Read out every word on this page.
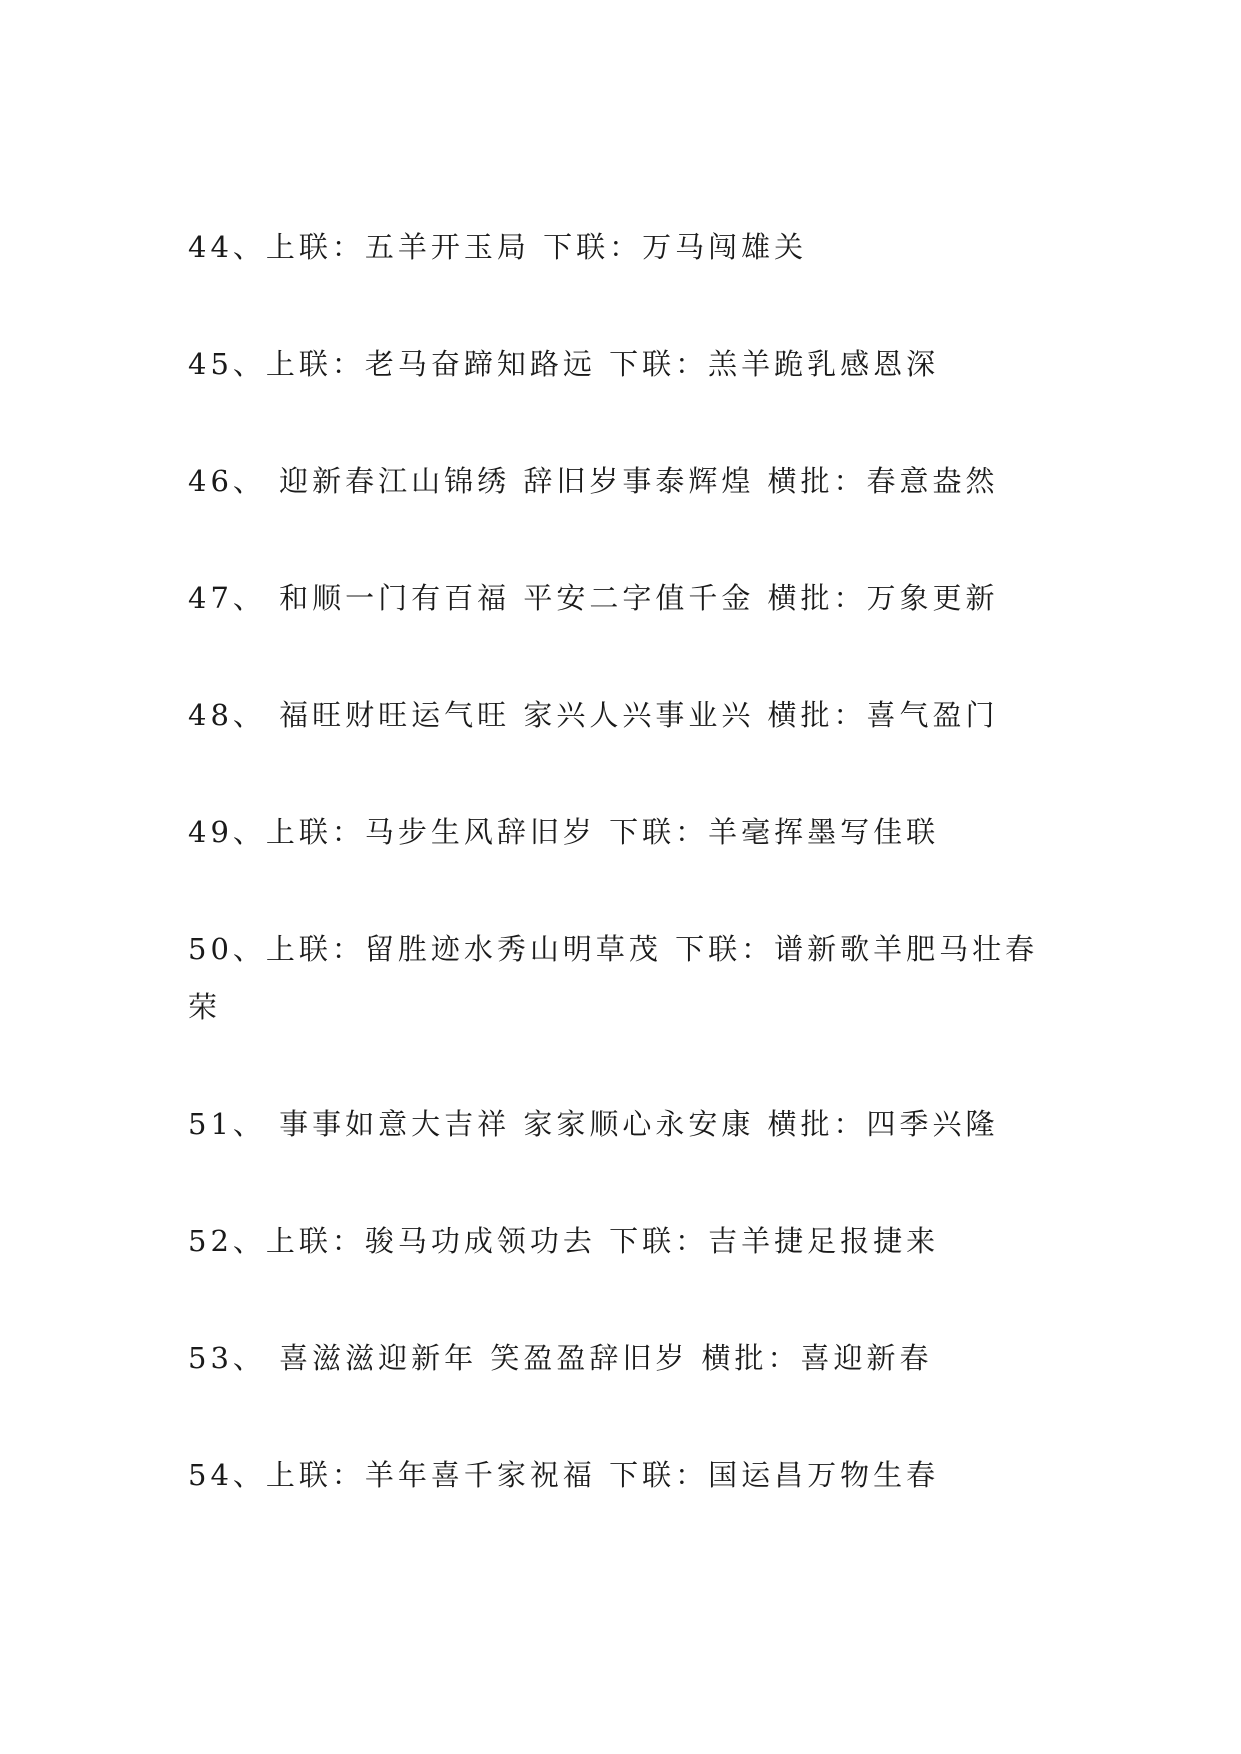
44、上联：五羊开玉局 下联：万马闯雄关
45、上联：老马奋蹄知路远 下联：羔羊跪乳感恩深
46、 迎新春江山锦绣 辞旧岁事泰辉煌 横批：春意盎然
47、 和顺一门有百福 平安二字值千金 横批：万象更新
48、 福旺财旺运气旺 家兴人兴事业兴 横批：喜气盈门
49、上联：马步生风辞旧岁 下联：羊毫挥墨写佳联
50、上联：留胜迹水秀山明草茂 下联：谱新歌羊肥马壮春荣
51、 事事如意大吉祥 家家顺心永安康 横批：四季兴隆
52、上联：骏马功成领功去 下联：吉羊捷足报捷来
53、 喜滋滋迎新年 笑盈盈辞旧岁 横批：喜迎新春
54、上联：羊年喜千家祝福 下联：国运昌万物生春
